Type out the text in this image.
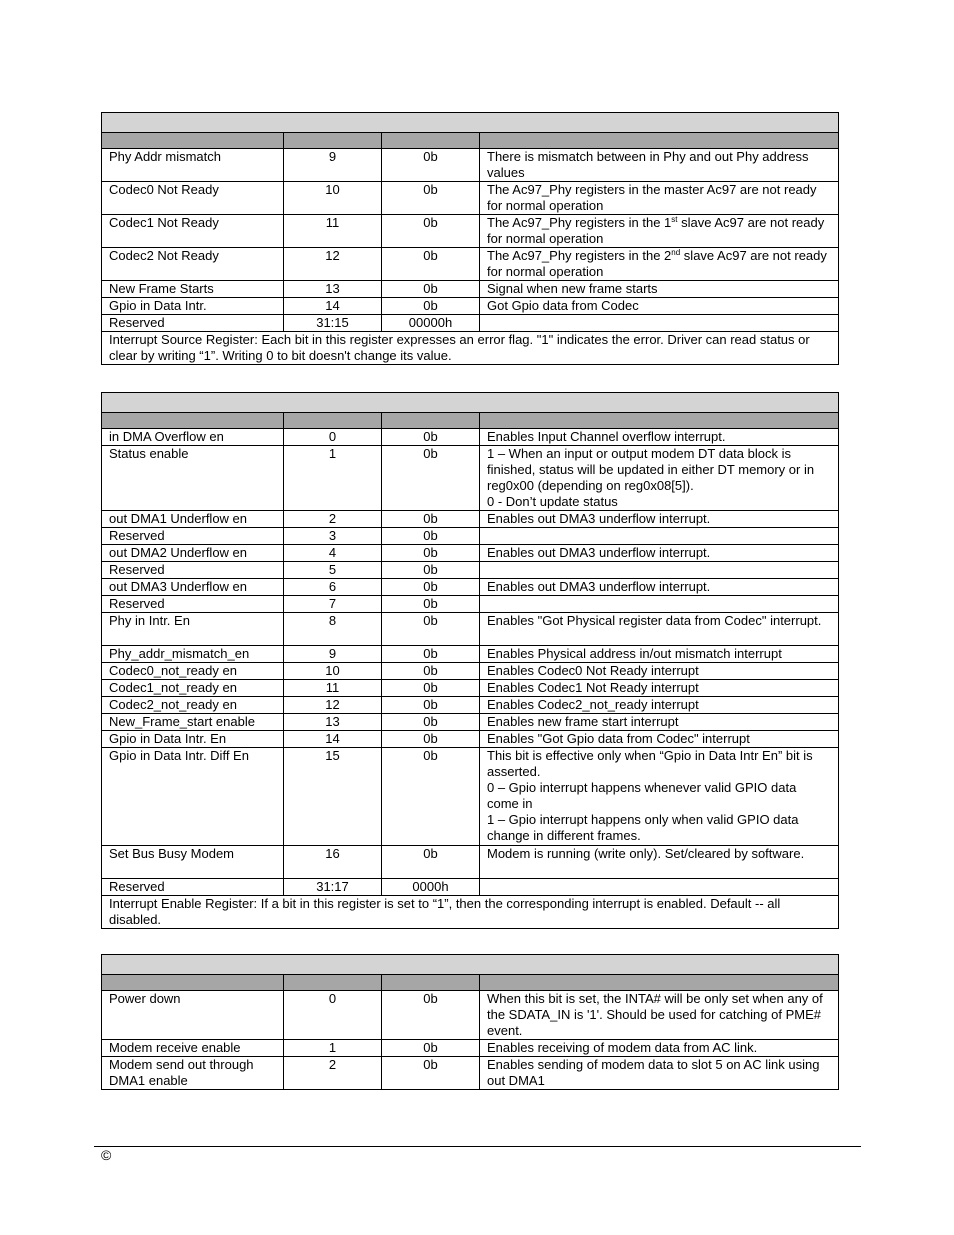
Phy Addr mismatch	9	0b	There is mismatch between in Phy and out Phy address values
Codec0 Not Ready	10	0b	The Ac97_Phy registers in the master Ac97 are not ready for normal operation
Codec1 Not Ready	11	0b	The Ac97_Phy registers in the 1st slave Ac97 are not ready for normal operation
Codec2 Not Ready	12	0b	The Ac97_Phy registers in the 2nd slave Ac97 are not ready for normal operation
New Frame Starts	13	0b	Signal when new frame starts
Gpio in Data Intr.	14	0b	Got Gpio data from Codec
Reserved	31:15	00000h	
Interrupt Source Register: Each bit in this register expresses an error flag. "1" indicates the error. Driver can read status or clear by writing “1”. Writing 0 to bit doesn't change its value.			

in DMA Overflow en	0	0b	Enables Input Channel overflow interrupt.
Status enable	1	0b	1 – When an input or output modem DT data block is finished, status will be updated in either DT memory or in reg0x00 (depending on reg0x08[5]).
0 - Don’t update status

out DMA1 Underflow en	2	0b	Enables out DMA3 underflow interrupt.
Reserved	3	0b	
out DMA2 Underflow en	4	0b	Enables out DMA3 underflow interrupt.
Reserved	5	0b	
out DMA3 Underflow en	6	0b	Enables out DMA3 underflow interrupt.
Reserved	7	0b	
Phy in Intr. En	8	0b	Enables "Got Physical register data from Codec" interrupt.
Phy_addr_mismatch_en	9	0b	Enables Physical address in/out mismatch interrupt
Codec0_not_ready en	10	0b	Enables Codec0 Not Ready interrupt
Codec1_not_ready en	11	0b	Enables Codec1 Not Ready interrupt
Codec2_not_ready en	12	0b	Enables Codec2_not_ready interrupt
New_Frame_start enable	13	0b	Enables new frame start interrupt
Gpio in Data Intr. En	14	0b	Enables "Got Gpio data from Codec" interrupt
Gpio in Data Intr. Diff En	15	0b	This bit is effective only when “Gpio in Data Intr En” bit is asserted.
0 – Gpio interrupt happens whenever valid GPIO data come in
1 – Gpio interrupt happens only when valid GPIO data change in different frames.

Set Bus Busy Modem	16	0b	Modem is running (write only). Set/cleared by software.
Reserved	31:17	0000h	
Interrupt Enable Register: If a bit in this register is set to “1”, then the corresponding interrupt is enabled. Default -- all disabled.			

Power down	0	0b	When this bit is set, the INTA# will be only set when any of the SDATA_IN is '1'. Should be used for catching of PME# event.
Modem receive enable	1	0b	Enables receiving of modem data from AC link.
Modem send out through DMA1 enable	2	0b	Enables sending of modem data to slot 5 on AC link using out DMA1
©
